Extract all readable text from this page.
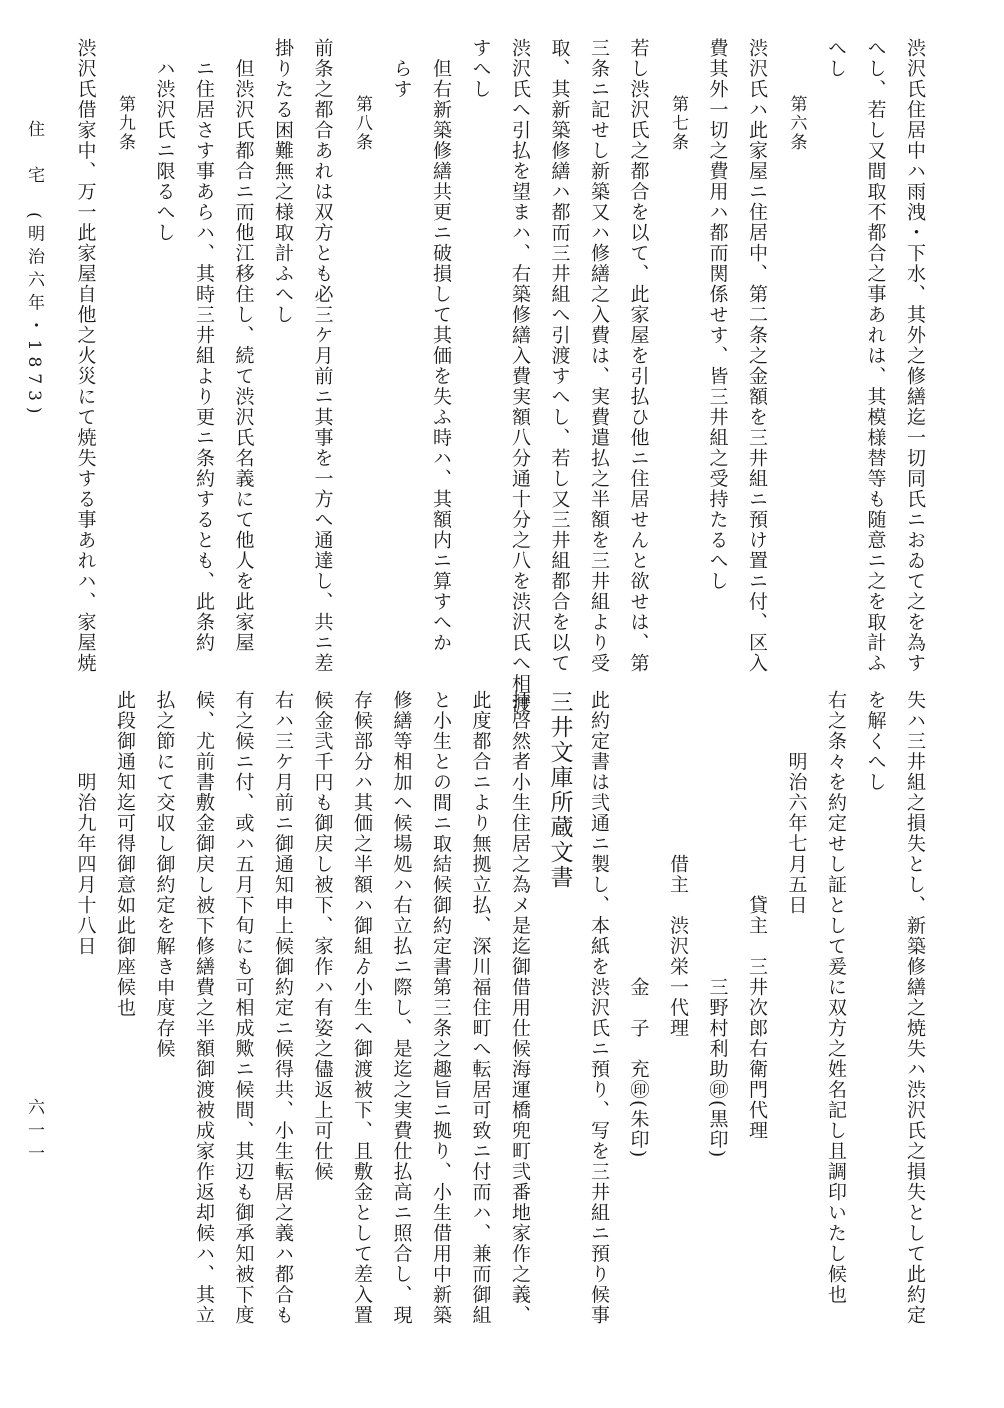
住　宅　(明治六年・1873)
六一一
渋沢氏住居中ハ雨洩・下水、其外之修繕迄一切同氏ニおゐて之を為す
へし、若し又間取不都合之事あれは、其模様替等も随意ニ之を取計ふ
へし
　　　第六条
渋沢氏ハ此家屋ニ住居中、第二条之金額を三井組ニ預け置ニ付、区入
費其外一切之費用ハ都而関係せす、皆三井組之受持たるへし
　　　第七条
若し渋沢氏之都合を以て、此家屋を引払ひ他ニ住居せんと欲せは、第
三条ニ記せし新築又ハ修繕之入費は、実費遣払之半額を三井組より受
取、其新築修繕ハ都而三井組へ引渡すへし、若し又三井組都合を以て
渋沢氏へ引払を望まハ、右築修繕入費実額八分通十分之八を渋沢氏へ相渡
すへし
　但右新築修繕共更ニ破損して其価を失ふ時ハ、其額内ニ算すへか
　らす
　　　第八条
前条之都合あれは双方とも必三ケ月前ニ其事を一方へ通達し、共ニ差
掛りたる困難無之様取計ふへし
　但渋沢氏都合ニ而他江移住し、続て渋沢氏名義にて他人を此家屋
　ニ住居さす事あらハ、其時三井組より更ニ条約するとも、此条約
　ハ渋沢氏ニ限るへし
　　　第九条
渋沢氏借家中、万一此家屋自他之火災にて焼失する事あれハ、家屋焼
失ハ三井組之損失とし、新築修繕之焼失ハ渋沢氏之損失として此約定
を解くへし
右之条々を約定せし証として爰に双方之姓名記し且調印いたし候也
　　　明治六年七月五日
　　　　　　　　　　貸主　三井次郎右衛門代理
　　　　　　　　　　　　　　三野村利助㊞(黒印)
　　　　　　　　借主　渋沢栄一代理
　　　　　　　　　　　　　　金　子　充㊞(朱印)
此約定書は弐通ニ製し、本紙を渋沢氏ニ預り、写を三井組ニ預り候事
三井文庫所蔵文書
拝啓然者小生住居之為メ是迄御借用仕候海運橋兜町弐番地家作之義、
此度都合ニより無拠立払、深川福住町へ転居可致ニ付而ハ、兼而御組
と小生との間ニ取結候御約定書第三条之趣旨ニ拠り、小生借用中新築
修繕等相加へ候場処ハ右立払ニ際し、是迄之実費仕払高ニ照合し、現
存候部分ハ其価之半額ハ御組ゟ小生へ御渡被下、且敷金として差入置
候金弐千円も御戻し被下、家作ハ有姿之儘返上可仕候
右ハ三ケ月前ニ御通知申上候御約定ニ候得共、小生転居之義ハ都合も
有之候ニ付、或ハ五月下旬にも可相成歟ニ候間、其辺も御承知被下度
候、尤前書敷金御戻し被下修繕費之半額御渡被成家作返却候ハ、其立
払之節にて交収し御約定を解き申度存候
此段御通知迄可得御意如此御座候也
　　　　明治九年四月十八日
